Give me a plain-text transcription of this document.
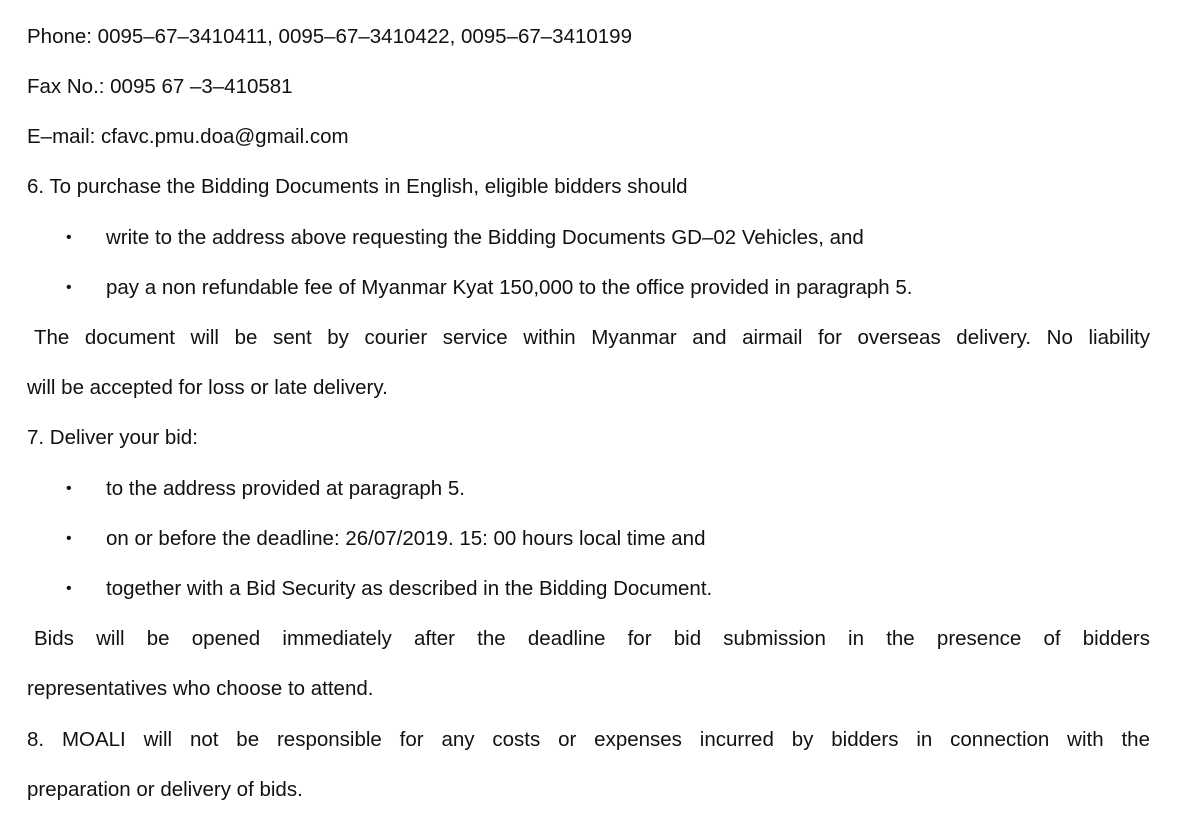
Phone: 0095–67–3410411, 0095–67–3410422, 0095–67–3410199

Fax No.: 0095 67 –3–410581

E–mail: cfavc.pmu.doa@gmail.com

6. To purchase the Bidding Documents in English, eligible bidders should

• write to the address above requesting the Bidding Documents GD–02 Vehicles, and
• pay a non refundable fee of Myanmar Kyat 150,000 to the office provided in paragraph 5.

The document will be sent by courier service within Myanmar and airmail for overseas delivery. No liability

will be accepted for loss or late delivery.

7. Deliver your bid:

• to the address provided at paragraph 5.
• on or before the deadline: 26/07/2019. 15: 00 hours local time and
• together with a Bid Security as described in the Bidding Document.

Bids will be opened immediately after the deadline for bid submission in the presence of bidders

representatives who choose to attend.

8. MOALI will not be responsible for any costs or expenses incurred by bidders in connection with the

preparation or delivery of bids.
